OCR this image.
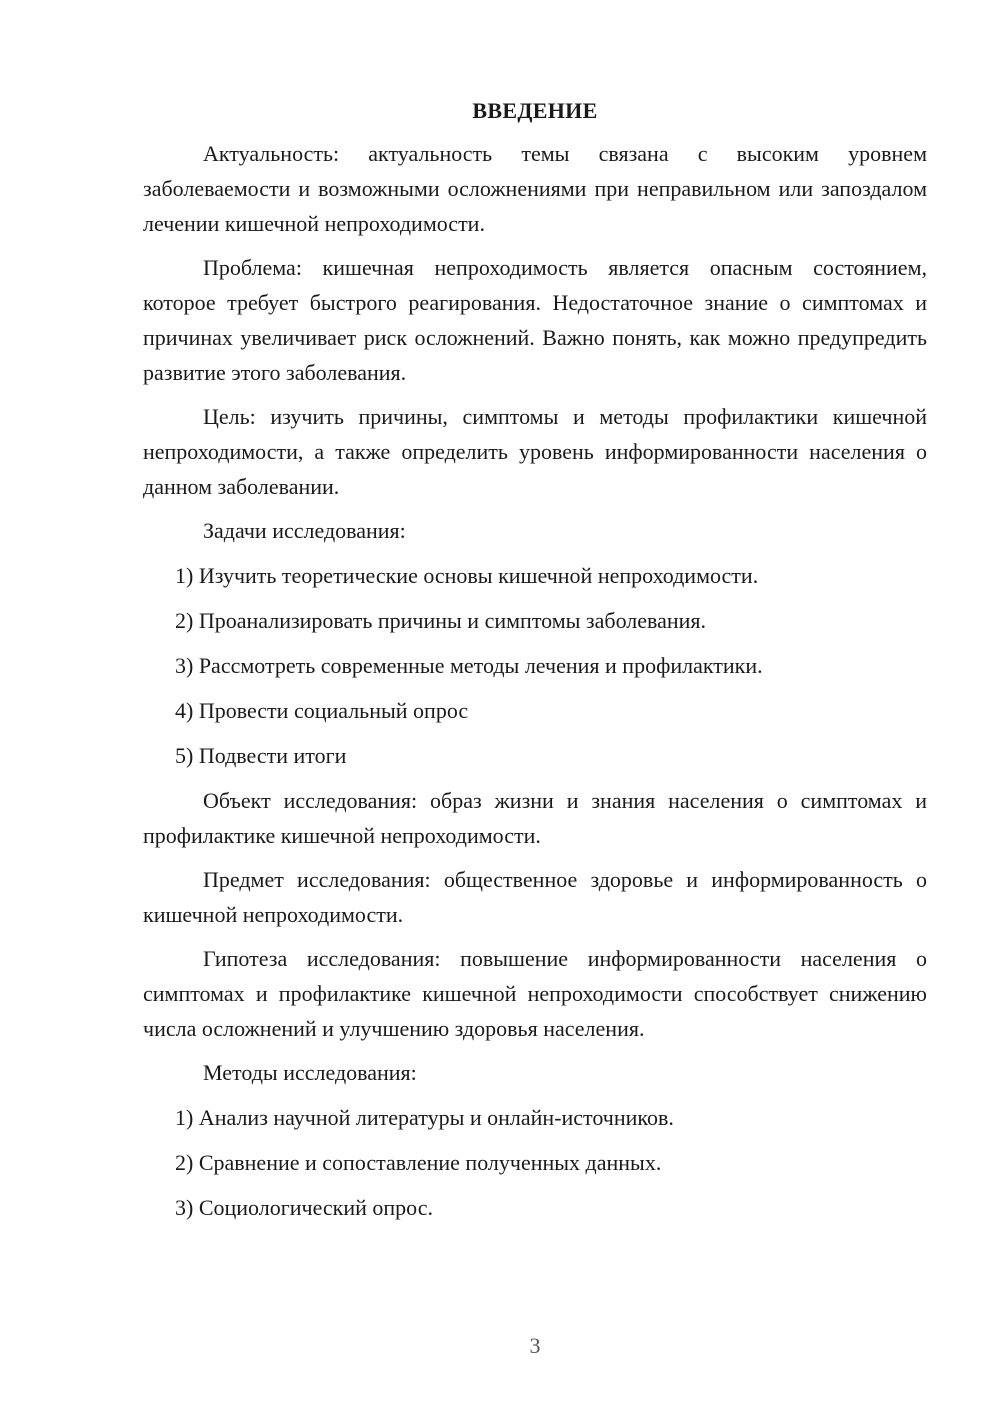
ВВЕДЕНИЕ
Актуальность: актуальность темы связана с высоким уровнем заболеваемости и возможными осложнениями при неправильном или запоздалом лечении кишечной непроходимости.
Проблема: кишечная непроходимость является опасным состоянием, которое требует быстрого реагирования. Недостаточное знание о симптомах и причинах увеличивает риск осложнений. Важно понять, как можно предупредить развитие этого заболевания.
Цель: изучить причины, симптомы и методы профилактики кишечной непроходимости, а также определить уровень информированности населения о данном заболевании.
Задачи исследования:
1) Изучить теоретические основы кишечной непроходимости.
2) Проанализировать причины и симптомы заболевания.
3) Рассмотреть современные методы лечения и профилактики.
4) Провести социальный опрос
5) Подвести итоги
Объект исследования: образ жизни и знания населения о симптомах и профилактике кишечной непроходимости.
Предмет исследования: общественное здоровье и информированность о кишечной непроходимости.
Гипотеза исследования: повышение информированности населения о симптомах и профилактике кишечной непроходимости способствует снижению числа осложнений и улучшению здоровья населения.
Методы исследования:
1) Анализ научной литературы и онлайн-источников.
2) Сравнение и сопоставление полученных данных.
3) Социологический опрос.
3
